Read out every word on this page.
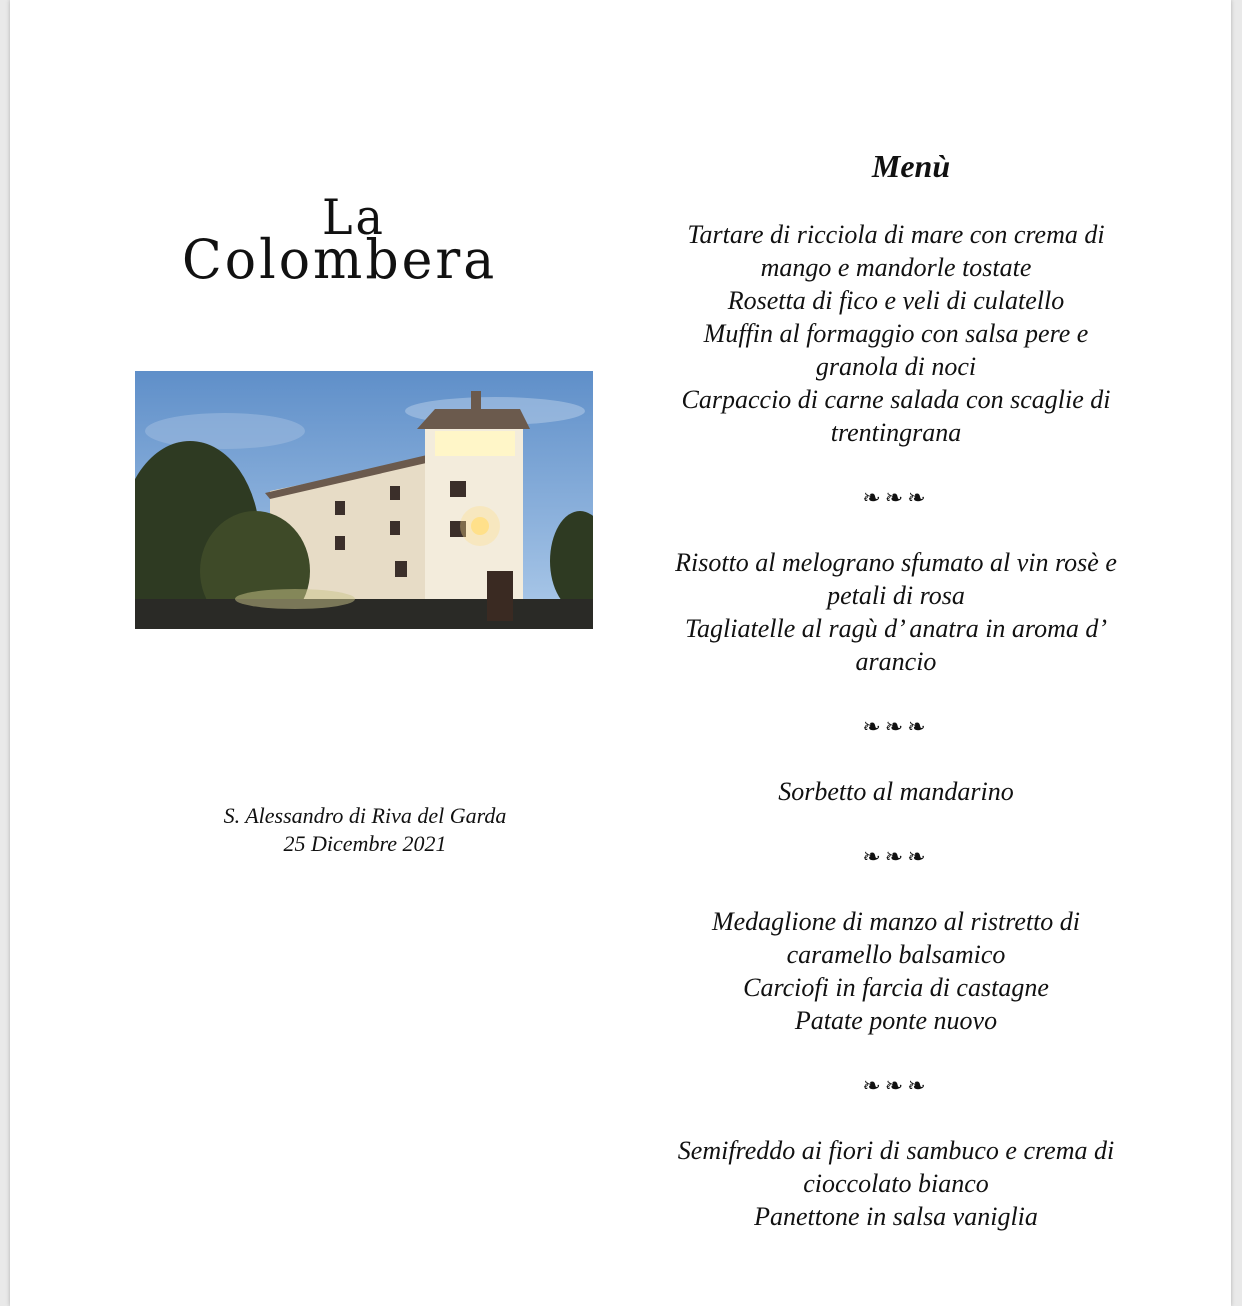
La
Colombera
S. Alessandro di Riva del Garda
25 Dicembre 2021
Menù
Tartare di ricciola di mare con crema di
mango e mandorle tostate
Rosetta di fico e veli di culatello
Muffin al formaggio con salsa pere e
granola di noci
Carpaccio di carne salada con scaglie di
trentingrana
❧❧❧
Risotto al melograno sfumato al vin rosè e
petali di rosa
Tagliatelle al ragù d’ anatra in aroma d’
arancio
❧❧❧
Sorbetto al mandarino
❧❧❧
Medaglione di manzo al ristretto di
caramello balsamico
Carciofi in farcia di castagne
Patate ponte nuovo
❧❧❧
Semifreddo ai fiori di sambuco e crema di
cioccolato bianco
Panettone in salsa vaniglia
